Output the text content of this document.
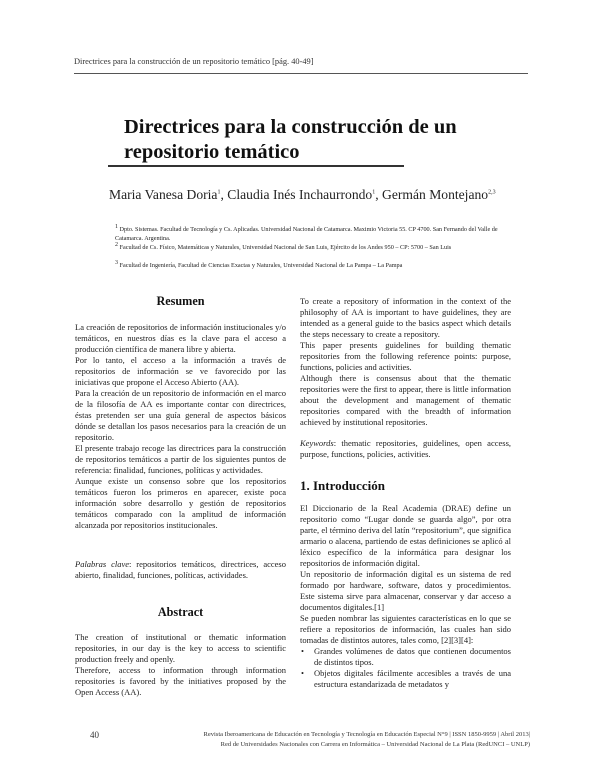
Directrices para la construcción de un repositorio temático [pág. 40-49]
Directrices para la construcción de un
repositorio temático
Maria Vanesa Doria$^1$, Claudia Inés Inchaurrondo$^1$, Germán Montejano$^{2,3}$
$^1$ Dpto. Sistemas. Facultad de Tecnología y Cs. Aplicadas. Universidad Nacional de Catamarca. Maximio Victoria 55. CP 4700. San Fernando del Valle de Catamarca. Argentina.
$^2$ Facultad de Cs. Físico, Matemáticas y Naturales, Universidad Nacional de San Luis, Ejército de los Andes 950 – CP: 5700 – San Luis
$^3$ Facultad de Ingeniería, Facultad de Ciencias Exactas y Naturales, Universidad Nacional de La Pampa – La Pampa
Resumen

La creación de repositorios de información institucionales y/o temáticos, en nuestros días es la clave para el acceso a producción científica de manera libre y abierta.

Por lo tanto, el acceso a la información a través de repositorios de información se ve favorecido por las iniciativas que propone el Acceso Abierto (AA).

Para la creación de un repositorio de información en el marco de la filosofía de AA es importante contar con directrices, éstas pretenden ser una guía general de aspectos básicos dónde se detallan los pasos necesarios para la creación de un repositorio.

El presente trabajo recoge las directrices para la construcción de repositorios temáticos a partir de los siguientes puntos de referencia: finalidad, funciones, políticas y actividades.

Aunque existe un consenso sobre que los repositorios temáticos fueron los primeros en aparecer, existe poca información sobre desarrollo y gestión de repositorios temáticos comparado con la amplitud de información alcanzada por repositorios institucionales.

Palabras clave: repositorios temáticos, directrices, acceso abierto, finalidad, funciones, políticas, actividades.
Abstract

The creation of institutional or thematic information repositories, in our day is the key to access to scientific production freely and openly.

Therefore, access to information through information repositories is favored by the initiatives proposed by the Open Access (AA).

To create a repository of information in the context of the philosophy of AA is important to have guidelines, they are intended as a general guide to the basics aspect which details the steps necessary to create a repository.

This paper presents guidelines for building thematic repositories from the following reference points: purpose, functions, policies and activities.

Although there is consensus about that the thematic repositories were the first to appear, there is little information about the development and management of thematic repositories compared with the breadth of information achieved by institutional repositories.

Keywords: thematic repositories, guidelines, open access, purpose, functions, policies, activities.
1. Introducción

El Diccionario de la Real Academia (DRAE) define un repositorio como “Lugar donde se guarda algo”, por otra parte, el término deriva del latín “repositorium”, que significa armario o alacena, partiendo de estas definiciones se aplicó al léxico específico de la informática para designar los repositorios de información digital.

Un repositorio de información digital es un sistema de red formado por hardware, software, datos y procedimientos. Este sistema sirve para almacenar, conservar y dar acceso a documentos digitales.[1]

Se pueden nombrar las siguientes características en lo que se refiere a repositorios de información, las cuales han sido tomadas de distintos autores, tales como, [2][3][4]:

• Grandes volúmenes de datos que contienen documentos de distintos tipos.
• Objetos digitales fácilmente accesibles a través de una estructura estandarizada de metadatos y
40	Revista Iberoamericana de Educación en Tecnología y Tecnología en Educación Especial N°9 | ISSN 1850-9959 | Abril 2013|
Red de Universidades Nacionales con Carrera en Informática – Universidad Nacional de La Plata (RedUNCI – UNLP)
